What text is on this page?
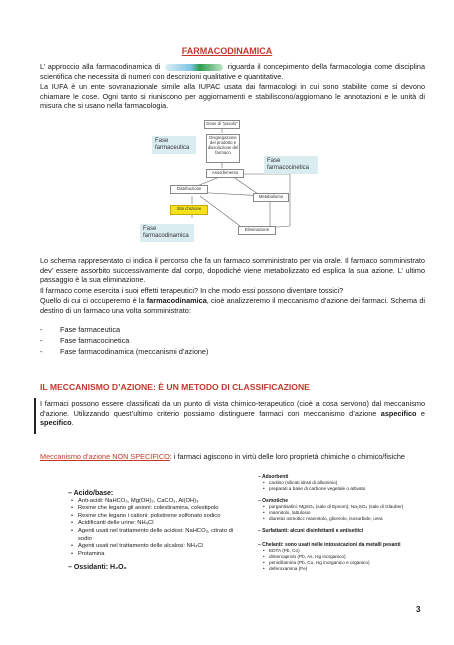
FARMACODINAMICA
L’ approccio alla farmacodinamica di	riguarda il concepimento della farmacologia come disciplina scientifica che necessita di numeri con descrizioni qualitative e quantitative.
La IUFA è un ente sovranazionale simile alla IUPAC usata dai farmacologi in cui sono stabilite come si devono chiamare le cose. Ogni tanto si riuniscono per aggiornamenti e stabiliscono/aggiornano le annotazioni e le unità di misura che si usano nella farmacologia.
Dose di “posolo”
Disgregazione del prodotto e dissoluzione del farmaco
Assorbimento
Distribuzione
Metabolismo
Sito d’azione
Eliminazione
Fase farmaceutica
Fase farmacocinetica
Fase farmacodinamica
Lo schema rappresentato ci indica il percorso che fa un farmaco somministrato per via orale. Il farmaco somministrato dev’ essere assorbito successivamente dal corpo, dopodiché viene metabolizzato ed esplica la sua azione. L’ ultimo passaggio è la sua eliminazione.
Il farmaco come esercita i suoi effetti terapeutici? In che modo essi possono diventare tossici?
Quello di cui ci occuperemo è la farmacodinamica, cioè analizzeremo il meccanismo d’azione dei farmaci. Schema di destino di un farmaco una volta somministrato:
- Fase farmaceutica
- Fase farmacocinetica
- Fase farmacodinamica (meccanismi d’azione)
IL MECCANISMO D’AZIONE: È UN METODO DI CLASSIFICAZIONE
I farmaci possono essere classificati da un punto di vista chimico-terapeutico (cioè a cosa servono) dal meccanismo d’azione. Utilizzando quest’ultimo criterio possiamo distinguere farmaci con meccanismo d’azione aspecifico e specifico.
Meccanismo d’azione NON SPECIFICO: i farmaci agiscono in virtù delle loro proprietà chimiche o chimico/fisiche
– Acido/base:
• Anti-acidi: NaHCO₃, Mg(OH)₂, CaCO₃, Al(OH)₃
• Resine che legano gli anioni: colestiramina, colestipolo
• Resine che legano i cationi: polistirene solfonato sodico
• Acidificanti delle urine: NH₄Cl
• Agenti usati nel trattamento delle acidosi: NaHCO₃, citrato di sodio
• Agenti usati nel trattamento delle alcalosi: NH₄Cl
• Protamina
– Ossidanti: H₂O₂
– Adsorbenti
• caolino (silicati idrati di alluminio)
• preparati a base di carbone vegetale o attivato
– Osmotiche
• purgantisalini: MgSO₄ (sale di Epsom); Na₂SO₄ (sale di Glauber)
• mannitolo, lattulosio
• diuretici osmotici: mannitolo, glicerolo, isosorbide, urea
– Surfattanti: alcuni disinfettanti e antisettici
– Chelanti: sono usati nelle intossicazioni da metalli pesanti
• EDTA (Pb, Co)
• dimercaprolo (Pb, As, Hg inorganico)
• penicillamina (Pb, Cu, Hg inorganico e organico)
• deferoxamina (Fe)
3
